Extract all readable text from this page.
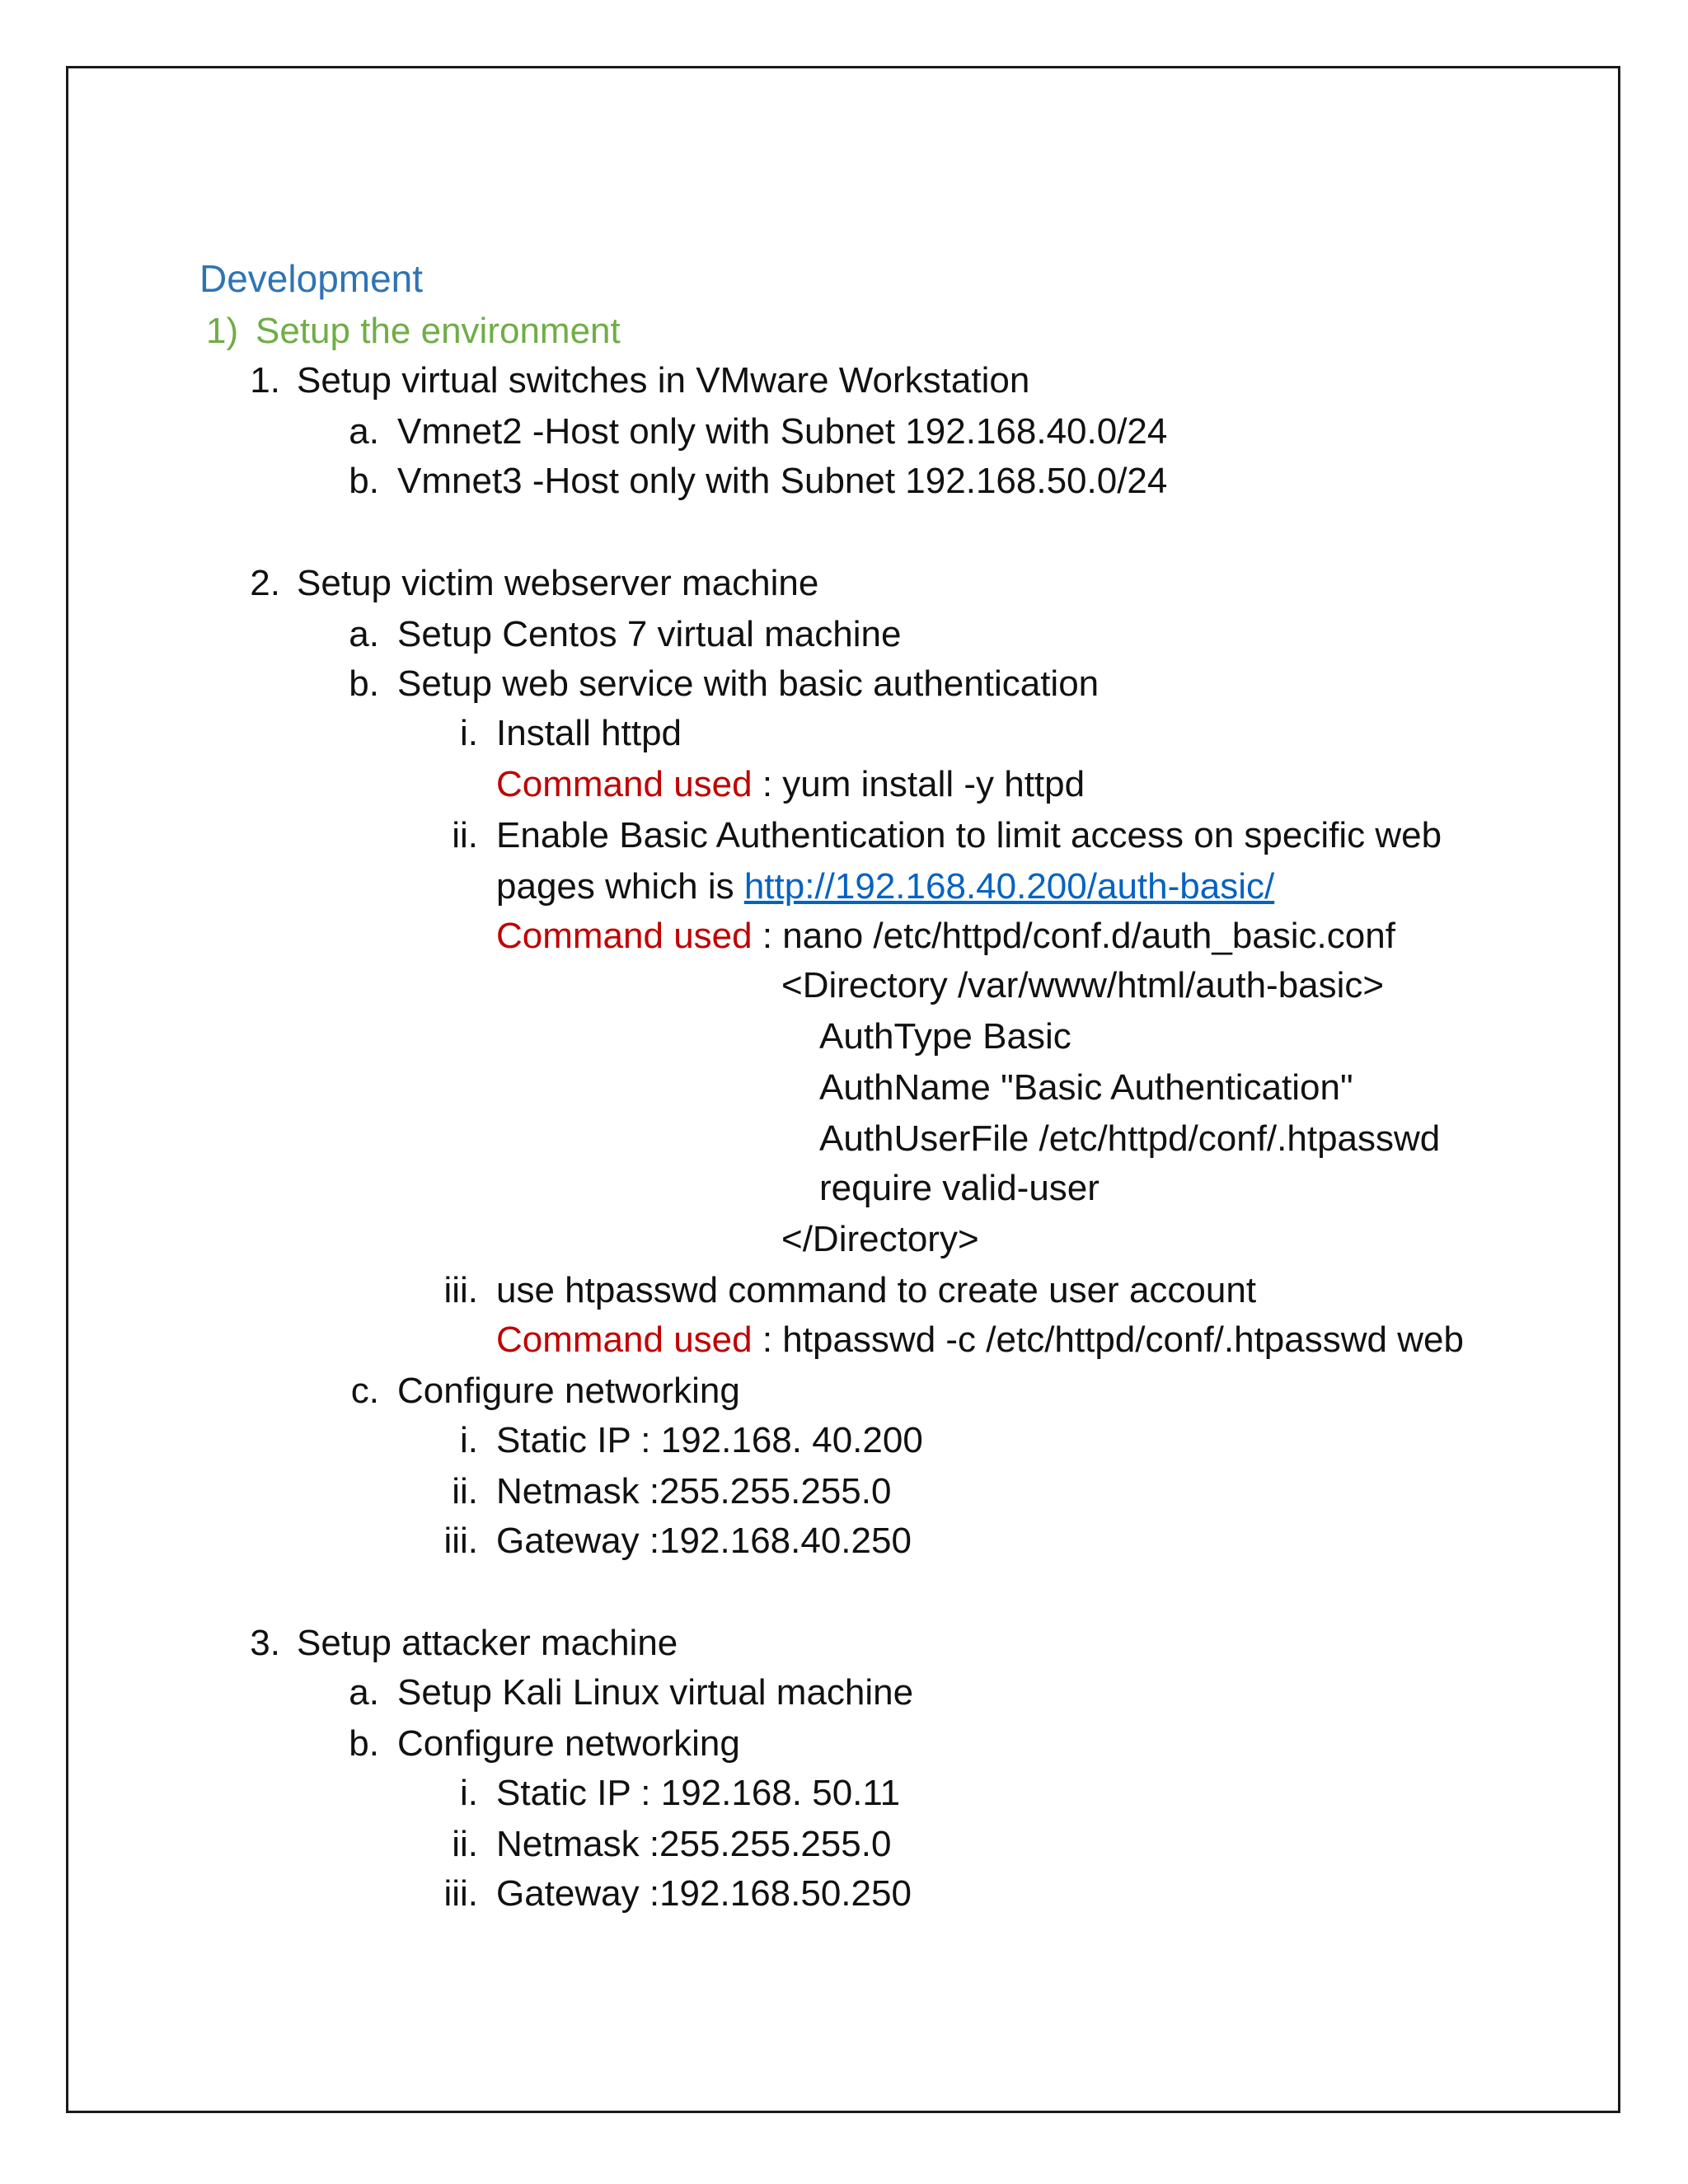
Development
1) Setup the environment
1. Setup virtual switches in VMware Workstation
a. Vmnet2 -Host only with Subnet 192.168.40.0/24
b. Vmnet3 -Host only with Subnet 192.168.50.0/24
2. Setup victim webserver machine
a. Setup Centos 7 virtual machine
b. Setup web service with basic authentication
i. Install httpd
Command used : yum install -y httpd
ii. Enable Basic Authentication to limit access on specific web
pages which is http://192.168.40.200/auth-basic/
Command used : nano /etc/httpd/conf.d/auth_basic.conf
<Directory /var/www/html/auth-basic>
AuthType Basic
AuthName "Basic Authentication"
AuthUserFile /etc/httpd/conf/.htpasswd
require valid-user
</Directory>
iii. use htpasswd command to create user account
Command used : htpasswd -c /etc/httpd/conf/.htpasswd web
c. Configure networking
i. Static IP : 192.168. 40.200
ii. Netmask :255.255.255.0
iii. Gateway :192.168.40.250
3. Setup attacker machine
a. Setup Kali Linux virtual machine
b. Configure networking
i. Static IP : 192.168. 50.11
ii. Netmask :255.255.255.0
iii. Gateway :192.168.50.250
